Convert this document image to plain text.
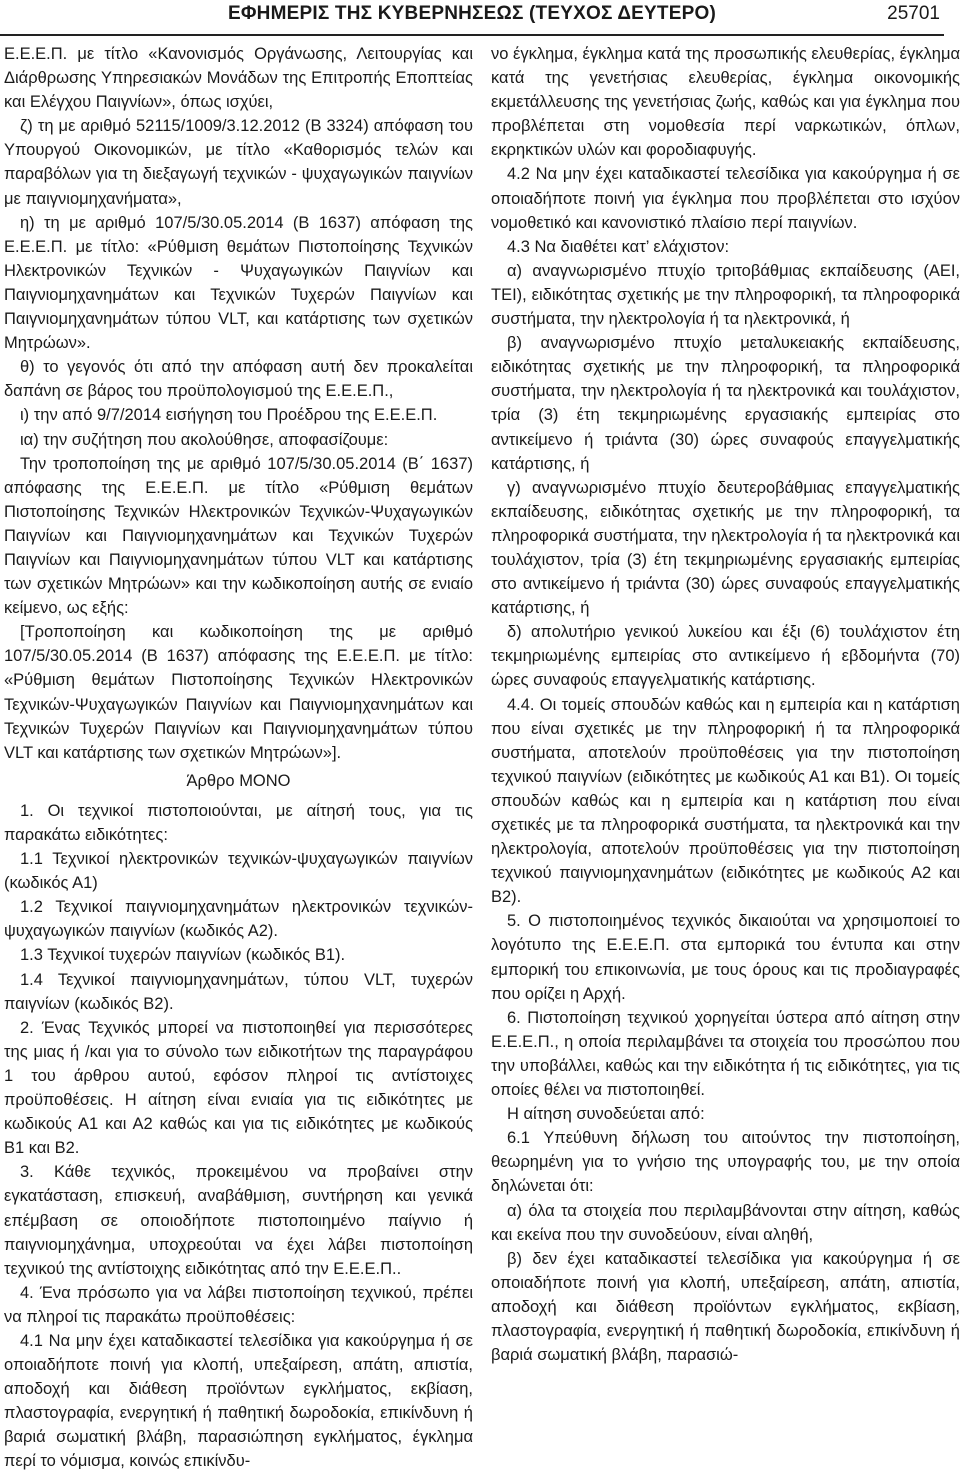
ΕΦΗΜΕΡΙΣ ΤΗΣ ΚΥΒΕΡΝΗΣΕΩΣ (ΤΕΥΧΟΣ ΔΕΥΤΕΡΟ)	25701

Ε.Ε.Ε.Π. με τίτλο «Κανονισμός Οργάνωσης, Λειτουργίας και Διάρθρωσης Υπηρεσιακών Μονάδων της Επιτροπής Εποπτείας και Ελέγχου Παιγνίων», όπως ισχύει,

ζ) τη με αριθμό 52115/1009/3.12.2012 (Β 3324) απόφαση του Υπουργού Οικονομικών, με τίτλο «Καθορισμός τελών και παραβόλων για τη διεξαγωγή τεχνικών - ψυχαγωγικών παιγνίων με παιγνιομηχανήματα»,

η) τη με αριθμό 107/5/30.05.2014 (Β 1637) απόφαση της Ε.Ε.Ε.Π. με τίτλο: «Ρύθμιση θεμάτων Πιστοποίησης Τεχνικών Ηλεκτρονικών Τεχνικών - Ψυχαγωγικών Παιγνίων και Παιγνιομηχανημάτων και Τεχνικών Τυχερών Παιγνίων και Παιγνιομηχανημάτων τύπου VLT, και κατάρτισης των σχετικών Μητρώων».

θ) το γεγονός ότι από την απόφαση αυτή δεν προκαλείται δαπάνη σε βάρος του προϋπολογισμού της Ε.Ε.Ε.Π.,

ι) την από 9/7/2014 εισήγηση του Προέδρου της Ε.Ε.Ε.Π.

ια) την συζήτηση που ακολούθησε, αποφασίζουμε:

Την τροποποίηση της με αριθμό 107/5/30.05.2014 (Β΄ 1637) απόφασης της Ε.Ε.Ε.Π. με τίτλο «Ρύθμιση θεμάτων Πιστοποίησης Τεχνικών Ηλεκτρονικών Τεχνικών-Ψυχαγωγικών Παιγνίων και Παιγνιομηχανημάτων και Τεχνικών Τυχερών Παιγνίων και Παιγνιομηχανημάτων τύπου VLT και κατάρτισης των σχετικών Μητρώων» και την κωδικοποίηση αυτής σε ενιαίο κείμενο, ως εξής:

[Τροποποίηση και κωδικοποίηση της με αριθμό 107/5/30.05.2014 (Β 1637) απόφασης της Ε.Ε.Ε.Π. με τίτλο: «Ρύθμιση θεμάτων Πιστοποίησης Τεχνικών Ηλεκτρονικών Τεχνικών-Ψυχαγωγικών Παιγνίων και Παιγνιομηχανημάτων και Τεχνικών Τυχερών Παιγνίων και Παιγνιομηχανημάτων τύπου VLT και κατάρτισης των σχετικών Μητρώων»].

Άρθρο ΜΟΝΟ

1. Οι τεχνικοί πιστοποιούνται, με αίτησή τους, για τις παρακάτω ειδικότητες:

1.1 Τεχνικοί ηλεκτρονικών τεχνικών-ψυχαγωγικών παιγνίων (κωδικός Α1)

1.2 Τεχνικοί παιγνιομηχανημάτων ηλεκτρονικών τεχνικών-ψυχαγωγικών παιγνίων (κωδικός Α2).

1.3 Τεχνικοί τυχερών παιγνίων (κωδικός Β1).

1.4 Τεχνικοί παιγνιομηχανημάτων, τύπου VLT, τυχερών παιγνίων (κωδικός Β2).

2. Ένας Τεχνικός μπορεί να πιστοποιηθεί για περισσότερες της μιας ή /και για το σύνολο των ειδικοτήτων της παραγράφου 1 του άρθρου αυτού, εφόσον πληροί τις αντίστοιχες προϋποθέσεις. Η αίτηση είναι ενιαία για τις ειδικότητες με κωδικούς Α1 και Α2 καθώς και για τις ειδικότητες με κωδικούς Β1 και Β2.

3. Κάθε τεχνικός, προκειμένου να προβαίνει στην εγκατάσταση, επισκευή, αναβάθμιση, συντήρηση και γενικά επέμβαση σε οποιοδήποτε πιστοποιημένο παίγνιο ή παιγνιομηχάνημα, υποχρεούται να έχει λάβει πιστοποίηση τεχνικού της αντίστοιχης ειδικότητας από την Ε.Ε.Ε.Π..

4. Ένα πρόσωπο για να λάβει πιστοποίηση τεχνικού, πρέπει να πληροί τις παρακάτω προϋποθέσεις:

4.1 Να μην έχει καταδικαστεί τελεσίδικα για κακούργημα ή σε οποιαδήποτε ποινή για κλοπή, υπεξαίρεση, απάτη, απιστία, αποδοχή και διάθεση προϊόντων εγκλήματος, εκβίαση, πλαστογραφία, ενεργητική ή παθητική δωροδοκία, επικίνδυνη ή βαριά σωματική βλάβη, παρασιώπηση εγκλήματος, έγκλημα περί το νόμισμα, κοινώς επικίνδυ-

νο έγκλημα, έγκλημα κατά της προσωπικής ελευθερίας, έγκλημα κατά της γενετήσιας ελευθερίας, έγκλημα οικονομικής εκμετάλλευσης της γενετήσιας ζωής, καθώς και για έγκλημα που προβλέπεται στη νομοθεσία περί ναρκωτικών, όπλων, εκρηκτικών υλών και φοροδιαφυγής.

4.2 Να μην έχει καταδικαστεί τελεσίδικα για κακούργημα ή σε οποιαδήποτε ποινή για έγκλημα που προβλέπεται στο ισχύον νομοθετικό και κανονιστικό πλαίσιο περί παιγνίων.

4.3 Να διαθέτει κατ’ ελάχιστον:

α) αναγνωρισμένο πτυχίο τριτοβάθμιας εκπαίδευσης (ΑΕΙ, ΤΕΙ), ειδικότητας σχετικής με την πληροφορική, τα πληροφορικά συστήματα, την ηλεκτρολογία ή τα ηλεκτρονικά, ή

β) αναγνωρισμένο πτυχίο μεταλυκειακής εκπαίδευσης, ειδικότητας σχετικής με την πληροφορική, τα πληροφορικά συστήματα, την ηλεκτρολογία ή τα ηλεκτρονικά και τουλάχιστον, τρία (3) έτη τεκμηριωμένης εργασιακής εμπειρίας στο αντικείμενο ή τριάντα (30) ώρες συναφούς επαγγελματικής κατάρτισης, ή

γ) αναγνωρισμένο πτυχίο δευτεροβάθμιας επαγγελματικής εκπαίδευσης, ειδικότητας σχετικής με την πληροφορική, τα πληροφορικά συστήματα, την ηλεκτρολογία ή τα ηλεκτρονικά και τουλάχιστον, τρία (3) έτη τεκμηριωμένης εργασιακής εμπειρίας στο αντικείμενο ή τριάντα (30) ώρες συναφούς επαγγελματικής κατάρτισης, ή

δ) απολυτήριο γενικού λυκείου και έξι (6) τουλάχιστον έτη τεκμηριωμένης εμπειρίας στο αντικείμενο ή εβδομήντα (70) ώρες συναφούς επαγγελματικής κατάρτισης.

4.4. Οι τομείς σπουδών καθώς και η εμπειρία και η κατάρτιση που είναι σχετικές με την πληροφορική ή τα πληροφορικά συστήματα, αποτελούν προϋποθέσεις για την πιστοποίηση τεχνικού παιγνίων (ειδικότητες με κωδικούς Α1 και Β1). Οι τομείς σπουδών καθώς και η εμπειρία και η κατάρτιση που είναι σχετικές με τα πληροφορικά συστήματα, τα ηλεκτρονικά και την ηλεκτρολογία, αποτελούν προϋποθέσεις για την πιστοποίηση τεχνικού παιγνιομηχανημάτων (ειδικότητες με κωδικούς Α2 και Β2).

5. Ο πιστοποιημένος τεχνικός δικαιούται να χρησιμοποιεί το λογότυπο της Ε.Ε.Ε.Π. στα εμπορικά του έντυπα και στην εμπορική του επικοινωνία, με τους όρους και τις προδιαγραφές που ορίζει η Αρχή.

6. Πιστοποίηση τεχνικού χορηγείται ύστερα από αίτηση στην Ε.Ε.Ε.Π., η οποία περιλαμβάνει τα στοιχεία του προσώπου που την υποβάλλει, καθώς και την ειδικότητα ή τις ειδικότητες, για τις οποίες θέλει να πιστοποιηθεί.

Η αίτηση συνοδεύεται από:

6.1 Υπεύθυνη δήλωση του αιτούντος την πιστοποίηση, θεωρημένη για το γνήσιο της υπογραφής του, με την οποία δηλώνεται ότι:

α) όλα τα στοιχεία που περιλαμβάνονται στην αίτηση, καθώς και εκείνα που την συνοδεύουν, είναι αληθή,

β) δεν έχει καταδικαστεί τελεσίδικα για κακούργημα ή σε οποιαδήποτε ποινή για κλοπή, υπεξαίρεση, απάτη, απιστία, αποδοχή και διάθεση προϊόντων εγκλήματος, εκβίαση, πλαστογραφία, ενεργητική ή παθητική δωροδοκία, επικίνδυνη ή βαριά σωματική βλάβη, παρασιώ-
